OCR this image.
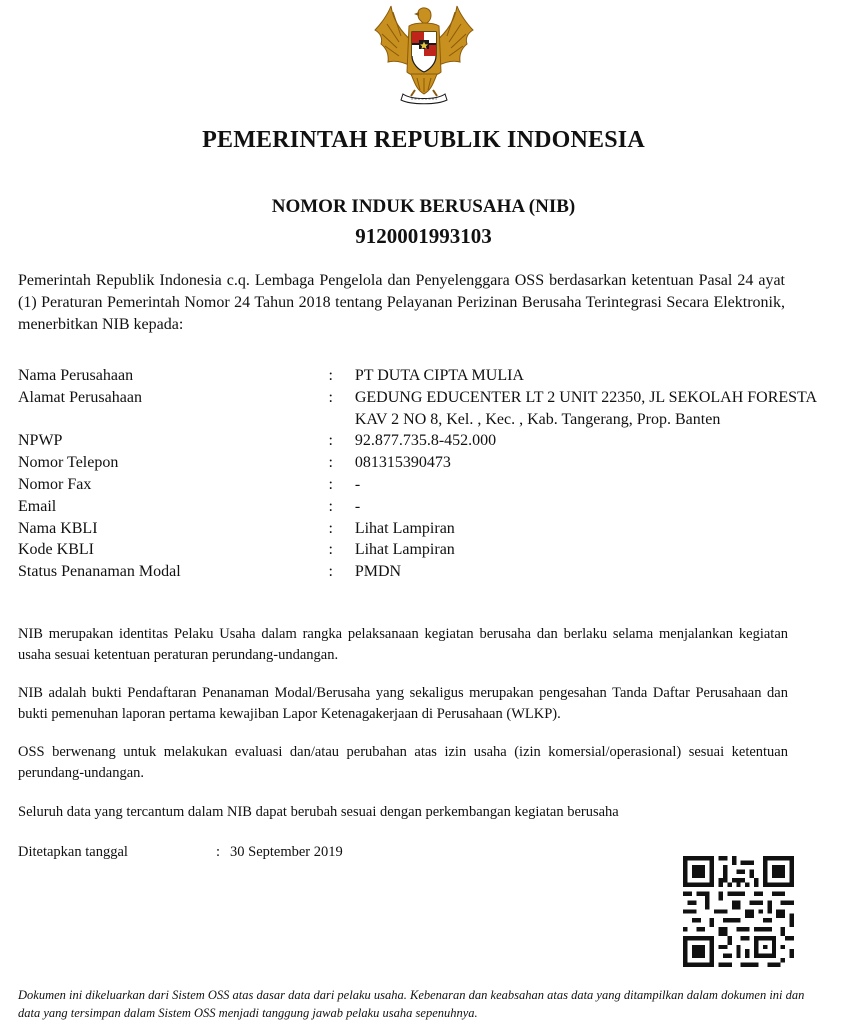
PEMERINTAH REPUBLIK INDONESIA
NOMOR INDUK BERUSAHA (NIB)
9120001993103

Pemerintah Republik Indonesia c.q. Lembaga Pengelola dan Penyelenggara OSS berdasarkan ketentuan Pasal 24 ayat (1) Peraturan Pemerintah Nomor 24 Tahun 2018 tentang Pelayanan Perizinan Berusaha Terintegrasi Secara Elektronik, menerbitkan NIB kepada:

Nama Perusahaan	:	PT DUTA CIPTA MULIA
Alamat Perusahaan	:	GEDUNG EDUCENTER LT 2 UNIT 22350, JL SEKOLAH FORESTA KAV 2 NO 8, Kel. , Kec. , Kab. Tangerang, Prop. Banten
NPWP	:	92.877.735.8-452.000
Nomor Telepon	:	081315390473
Nomor Fax	:	-
Email	:	-
Nama KBLI	:	Lihat Lampiran
Kode KBLI	:	Lihat Lampiran
Status Penanaman Modal	:	PMDN

NIB merupakan identitas Pelaku Usaha dalam rangka pelaksanaan kegiatan berusaha dan berlaku selama menjalankan kegiatan usaha sesuai ketentuan peraturan perundang-undangan.

NIB adalah bukti Pendaftaran Penanaman Modal/Berusaha yang sekaligus merupakan pengesahan Tanda Daftar Perusahaan dan bukti pemenuhan laporan pertama kewajiban Lapor Ketenagakerjaan di Perusahaan (WLKP).

OSS berwenang untuk melakukan evaluasi dan/atau perubahan atas izin usaha (izin komersial/operasional) sesuai ketentuan perundang-undangan.

Seluruh data yang tercantum dalam NIB dapat berubah sesuai dengan perkembangan kegiatan berusaha

Ditetapkan tanggal	: 30 September 2019

Dokumen ini dikeluarkan dari Sistem OSS atas dasar data dari pelaku usaha. Kebenaran dan keabsahan atas data yang ditampilkan dalam dokumen ini dan data yang tersimpan dalam Sistem OSS menjadi tanggung jawab pelaku usaha sepenuhnya.
